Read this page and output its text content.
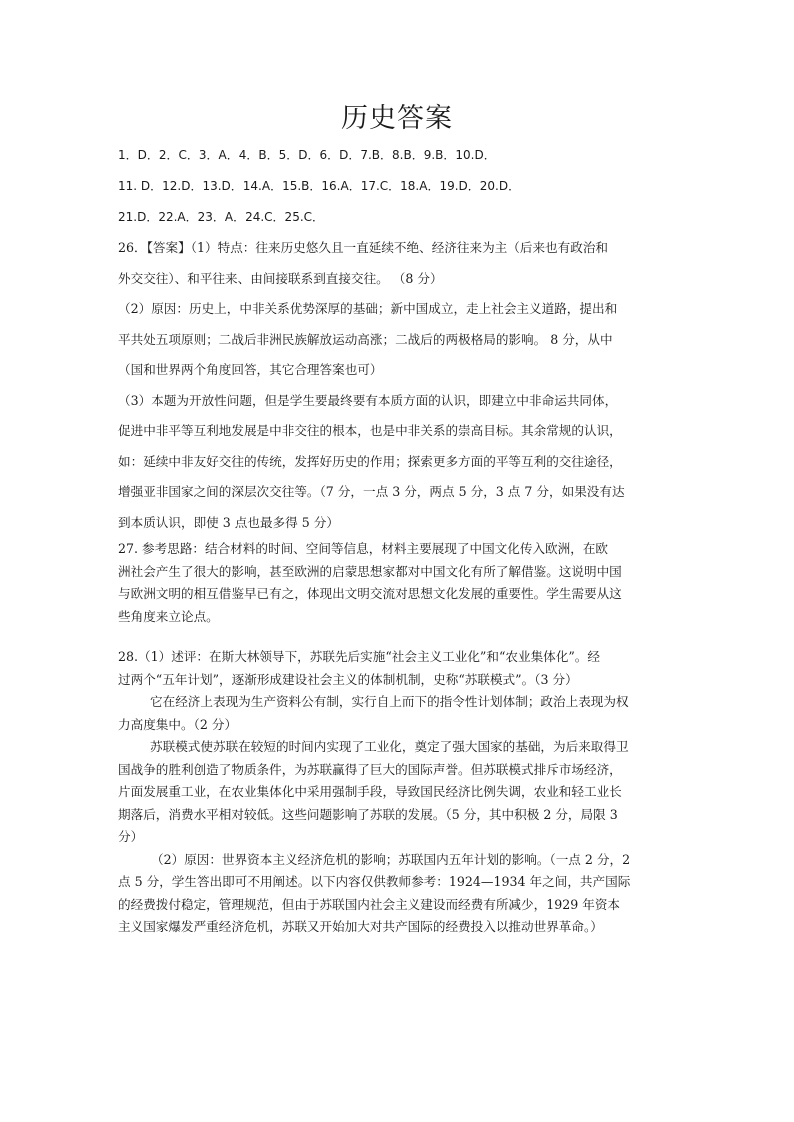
历史答案
1．D．2．C．3．A．4．B．5．D．6．D．7.B．8.B．9.B．10.D．
11. D．12.D．13.D．14.A．15.B．16.A．17.C．18.A．19.D．20.D．
21.D．22.A．23．A．24.C．25.C．
26．【答案】（1）特点：往来历史悠久且一直延续不绝、经济往来为主（后来也有政治和
外交交往）、和平往来、由间接联系到直接交往。 （8 分）
（2）原因：历史上，中非关系优势深厚的基础；新中国成立，走上社会主义道路，提出和
平共处五项原则；二战后非洲民族解放运动高涨；二战后的两极格局的影响。 8 分，从中
（国和世界两个角度回答，其它合理答案也可）
（3）本题为开放性问题，但是学生要最终要有本质方面的认识，即建立中非命运共同体，
促进中非平等互利地发展是中非交往的根本，也是中非关系的崇高目标。其余常规的认识，
如：延续中非友好交往的传统，发挥好历史的作用；探索更多方面的平等互利的交往途径，
增强亚非国家之间的深层次交往等。（7 分，一点 3 分，两点 5 分，3 点 7 分，如果没有达
到本质认识，即使 3 点也最多得 5 分）
27. 参考思路：结合材料的时间、空间等信息，材料主要展现了中国文化传入欧洲，在欧
洲社会产生了很大的影响，甚至欧洲的启蒙思想家都对中国文化有所了解借鉴。这说明中国
与欧洲文明的相互借鉴早已有之，体现出文明交流对思想文化发展的重要性。学生需要从这
些角度来立论点。
28.（1）述评：在斯大林领导下，苏联先后实施“社会主义工业化”和“农业集体化”。经
过两个“五年计划”，逐渐形成建设社会主义的体制机制，史称“苏联模式”。（3 分）
它在经济上表现为生产资料公有制，实行自上而下的指令性计划体制；政治上表现为权
力高度集中。（2 分）
苏联模式使苏联在较短的时间内实现了工业化，奠定了强大国家的基础，为后来取得卫
国战争的胜利创造了物质条件，为苏联赢得了巨大的国际声誉。但苏联模式排斥市场经济，
片面发展重工业，在农业集体化中采用强制手段，导致国民经济比例失调，农业和轻工业长
期落后，消费水平相对较低。这些问题影响了苏联的发展。（5 分，其中积极 2 分，局限 3
分）
（2）原因：世界资本主义经济危机的影响；苏联国内五年计划的影响。（一点 2 分，2
点 5 分，学生答出即可不用阐述。以下内容仅供教师参考：1924—1934 年之间，共产国际
的经费拨付稳定，管理规范，但由于苏联国内社会主义建设而经费有所减少，1929 年资本
主义国家爆发严重经济危机，苏联又开始加大对共产国际的经费投入以推动世界革命。）
